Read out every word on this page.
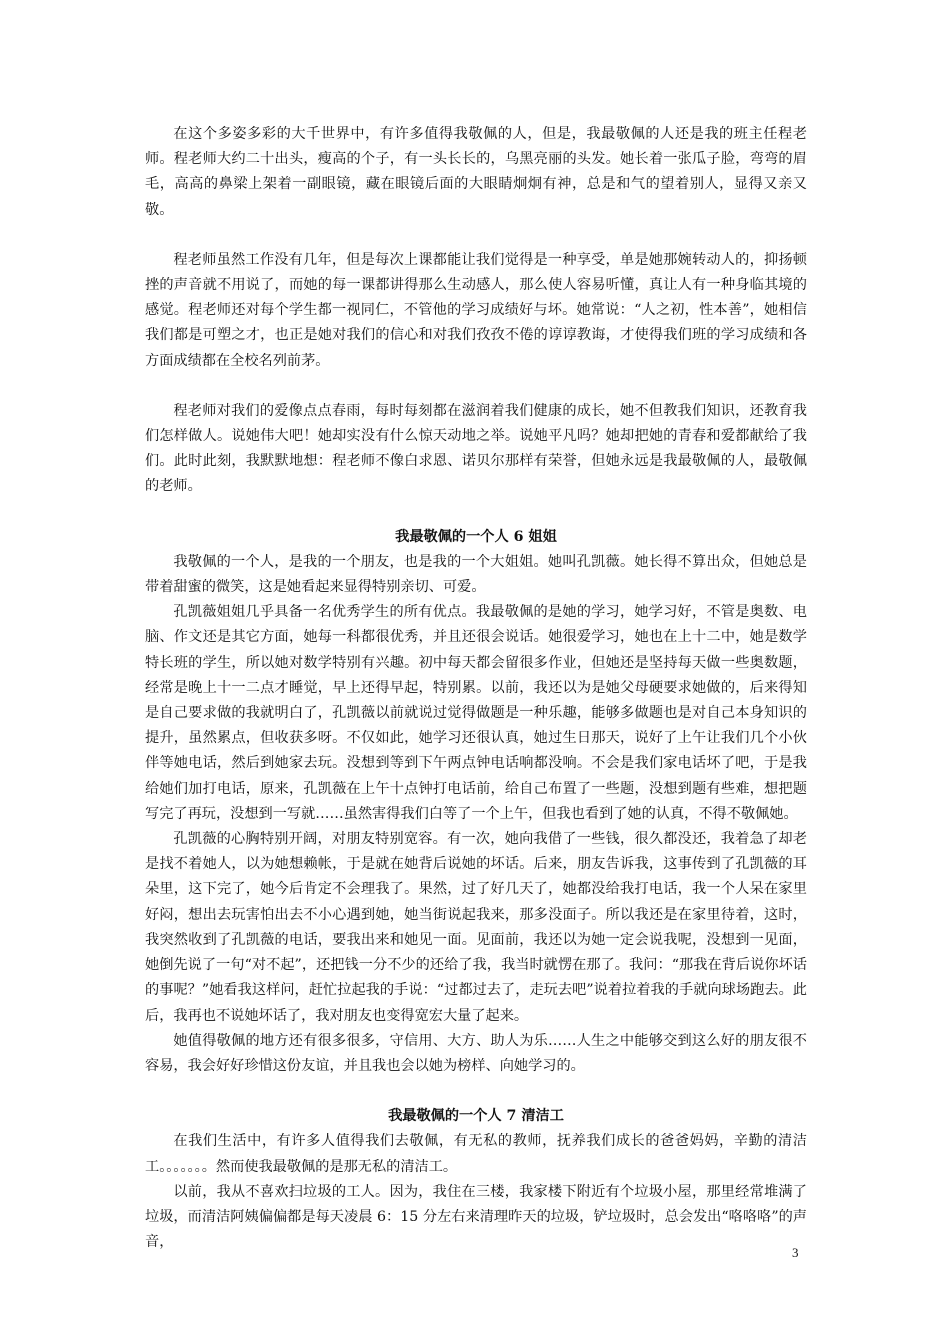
在这个多姿多彩的大千世界中，有许多值得我敬佩的人，但是，我最敬佩的人还是我的班主任程老师。程老师大约二十出头，瘦高的个子，有一头长长的，乌黑亮丽的头发。她长着一张瓜子脸，弯弯的眉毛，高高的鼻梁上架着一副眼镜，藏在眼镜后面的大眼睛炯炯有神，总是和气的望着别人，显得又亲又敬。

程老师虽然工作没有几年，但是每次上课都能让我们觉得是一种享受，单是她那婉转动人的，抑扬顿挫的声音就不用说了，而她的每一课都讲得那么生动感人，那么使人容易听懂，真让人有一种身临其境的感觉。程老师还对每个学生都一视同仁，不管他的学习成绩好与坏。她常说：“人之初，性本善”，她相信我们都是可塑之才，也正是她对我们的信心和对我们孜孜不倦的谆谆教诲，才使得我们班的学习成绩和各方面成绩都在全校名列前茅。

程老师对我们的爱像点点春雨，每时每刻都在滋润着我们健康的成长，她不但教我们知识，还教育我们怎样做人。说她伟大吧！她却实没有什么惊天动地之举。说她平凡吗？她却把她的青春和爱都献给了我们。此时此刻，我默默地想：程老师不像白求恩、诺贝尔那样有荣誉，但她永远是我最敬佩的人，最敬佩的老师。

我最敬佩的一个人 6 姐姐

我敬佩的一个人，是我的一个朋友，也是我的一个大姐姐。她叫孔凯薇。她长得不算出众，但她总是带着甜蜜的微笑，这是她看起来显得特别亲切、可爱。

孔凯薇姐姐几乎具备一名优秀学生的所有优点。我最敬佩的是她的学习，她学习好，不管是奥数、电脑、作文还是其它方面，她每一科都很优秀，并且还很会说话。她很爱学习，她也在上十二中，她是数学特长班的学生，所以她对数学特别有兴趣。初中每天都会留很多作业，但她还是坚持每天做一些奥数题，经常是晚上十一二点才睡觉，早上还得早起，特别累。以前，我还以为是她父母硬要求她做的，后来得知是自己要求做的我就明白了，孔凯薇以前就说过觉得做题是一种乐趣，能够多做题也是对自己本身知识的提升，虽然累点，但收获多呀。不仅如此，她学习还很认真，她过生日那天，说好了上午让我们几个小伙伴等她电话，然后到她家去玩。没想到等到下午两点钟电话响都没响。不会是我们家电话坏了吧，于是我给她们加打电话，原来，孔凯薇在上午十点钟打电话前，给自己布置了一些题，没想到题有些难，想把题写完了再玩，没想到一写就……虽然害得我们白等了一个上午，但我也看到了她的认真，不得不敬佩她。

孔凯薇的心胸特别开阔，对朋友特别宽容。有一次，她向我借了一些钱，很久都没还，我着急了却老是找不着她人，以为她想赖帐，于是就在她背后说她的坏话。后来，朋友告诉我，这事传到了孔凯薇的耳朵里，这下完了，她今后肯定不会理我了。果然，过了好几天了，她都没给我打电话，我一个人呆在家里好闷，想出去玩害怕出去不小心遇到她，她当街说起我来，那多没面子。所以我还是在家里待着，这时，我突然收到了孔凯薇的电话，要我出来和她见一面。见面前，我还以为她一定会说我呢，没想到一见面，她倒先说了一句“对不起”，还把钱一分不少的还给了我，我当时就愣在那了。我问：“那我在背后说你坏话的事呢？”她看我这样问，赶忙拉起我的手说：“过都过去了，走玩去吧”说着拉着我的手就向球场跑去。此后，我再也不说她坏话了，我对朋友也变得宽宏大量了起来。

她值得敬佩的地方还有很多很多，守信用、大方、助人为乐……人生之中能够交到这么好的朋友很不容易，我会好好珍惜这份友谊，并且我也会以她为榜样、向她学习的。

我最敬佩的一个人 7 清洁工

在我们生活中，有许多人值得我们去敬佩，有无私的教师，抚养我们成长的爸爸妈妈，辛勤的清洁工。。。。。。。然而使我最敬佩的是那无私的清洁工。

以前，我从不喜欢扫垃圾的工人。因为，我住在三楼，我家楼下附近有个垃圾小屋，那里经常堆满了垃圾，而清洁阿姨偏偏都是每天凌晨 6：15 分左右来清理昨天的垃圾，铲垃圾时，总会发出“咯咯咯”的声音，

3
